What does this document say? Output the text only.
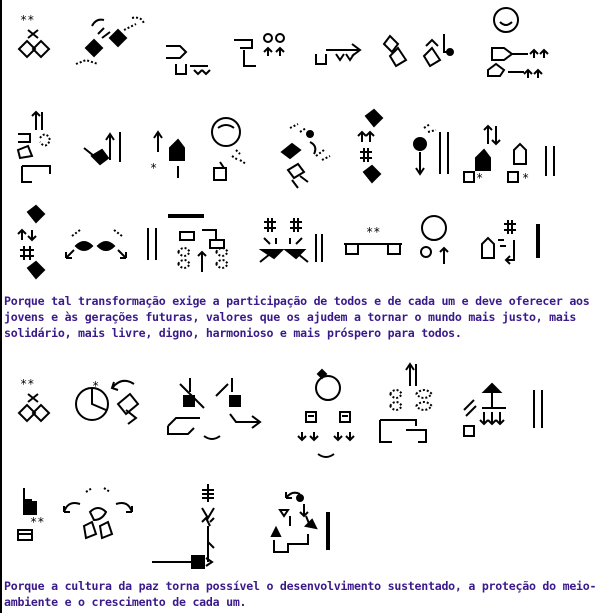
**
*
*	*
**

Porque tal transformação exige a participação de todos e de cada um e deve oferecer aos jovens e às gerações futuras, valores que os ajudem a tornar o mundo mais justo, mais solidário, mais livre, digno, harmonioso e mais próspero para todos.

**	*
**

Porque a cultura da paz torna possível o desenvolvimento sustentado, a proteção do meio-ambiente e o crescimento de cada um.
